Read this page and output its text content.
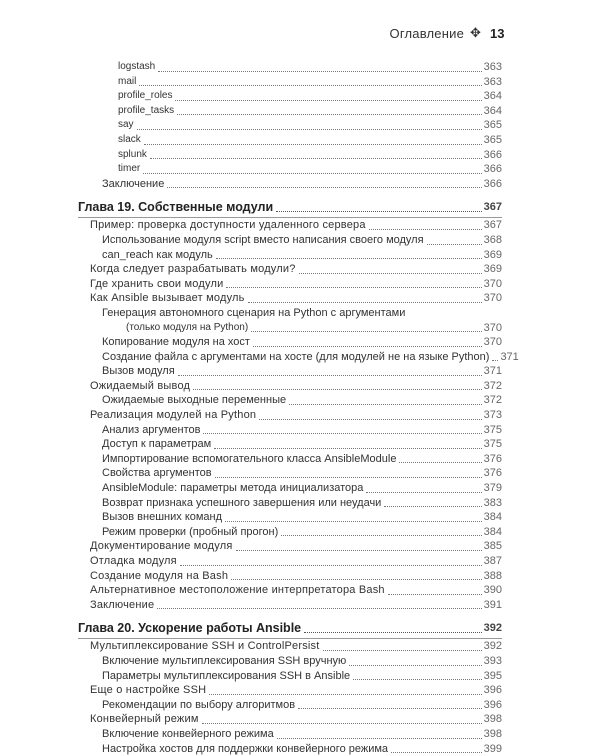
Оглавление ✥ 13
logstash	363
mail	363
profile_roles	364
profile_tasks	364
say	365
slack	365
splunk	366
timer	366
Заключение	366
Глава 19. Собственные модули	367
Пример: проверка доступности удаленного сервера	367
Использование модуля script вместо написания своего модуля	368
can_reach как модуль	369
Когда следует разрабатывать модули?	369
Где хранить свои модули	370
Как Ansible вызывает модуль	370
Генерация автономного сценария на Python с аргументами
(только модуля на Python)	370
Копирование модуля на хост	370
Создание файла с аргументами на хосте (для модулей не на языке Python) 371
Вызов модуля	371
Ожидаемый вывод	372
Ожидаемые выходные переменные	372
Реализация модулей на Python	373
Анализ аргументов	375
Доступ к параметрам	375
Импортирование вспомогательного класса AnsibleModule	376
Свойства аргументов	376
AnsibleModule: параметры метода инициализатора	379
Возврат признака успешного завершения или неудачи	383
Вызов внешних команд	384
Режим проверки (пробный прогон)	384
Документирование модуля	385
Отладка модуля	387
Создание модуля на Bash	388
Альтернативное местоположение интерпретатора Bash	390
Заключение	391
Глава 20. Ускорение работы Ansible	392
Мультиплексирование SSH и ControlPersist	392
Включение мультиплексирования SSH вручную	393
Параметры мультиплексирования SSH в Ansible	395
Еще о настройке SSH	396
Рекомендации по выбору алгоритмов	396
Конвейерный режим	398
Включение конвейерного режима	398
Настройка хостов для поддержки конвейерного режима	399
